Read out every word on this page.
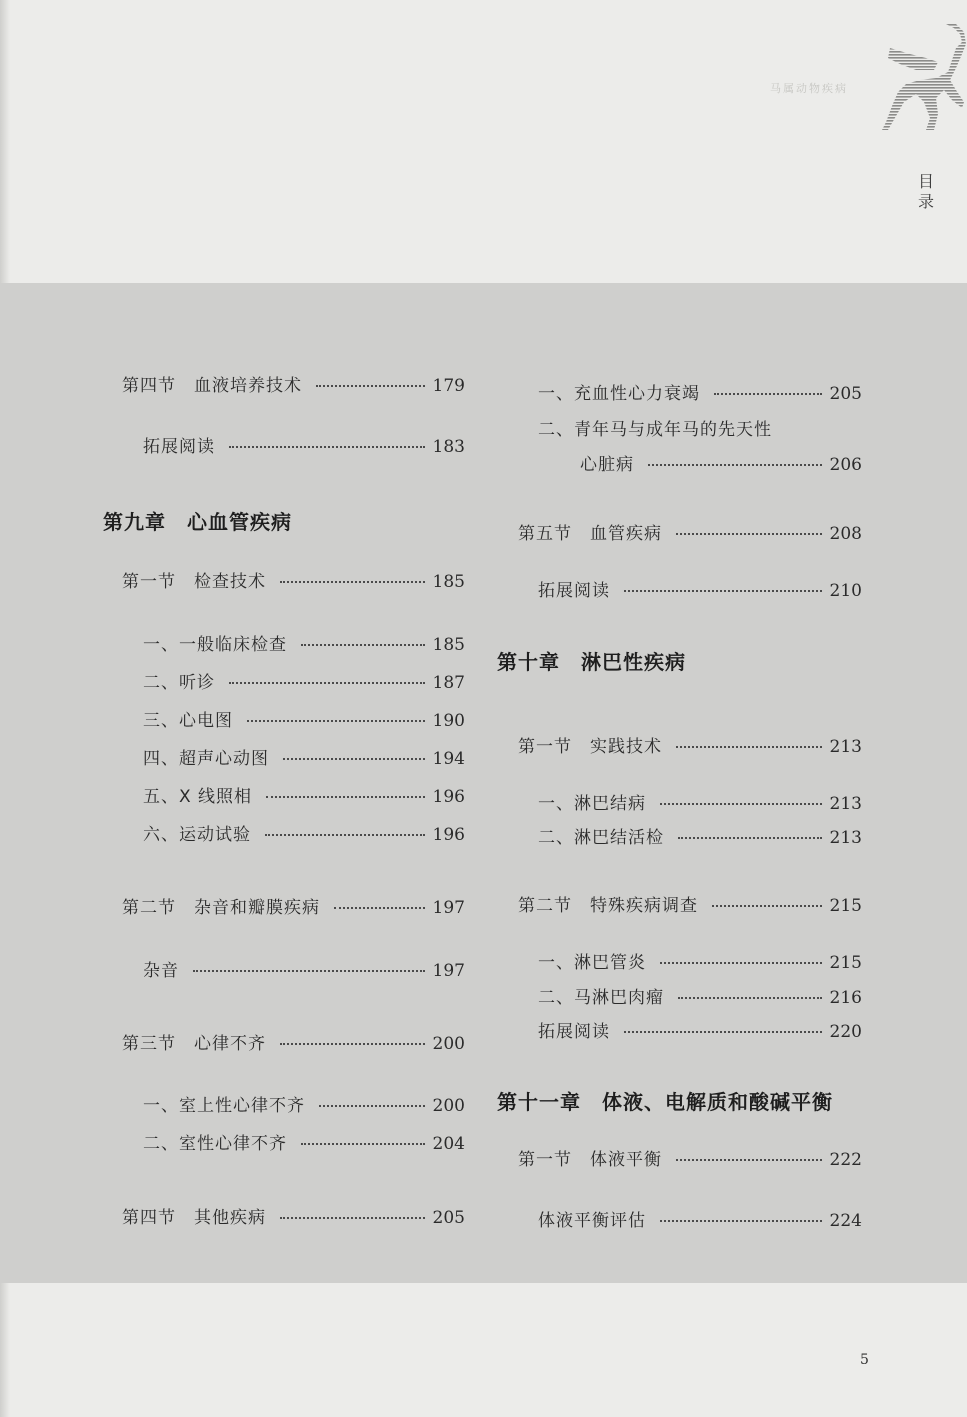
马属动物疾病
目录
第四节　血液培养技术	179
拓展阅读	183
第九章　心血管疾病
第一节　检查技术	185
一、一般临床检查	185
二、听诊	187
三、心电图	190
四、超声心动图	194
五、X 线照相	196
六、运动试验	196
第二节　杂音和瓣膜疾病	197
杂音	197
第三节　心律不齐	200
一、室上性心律不齐	200
二、室性心律不齐	204
第四节　其他疾病	205
一、充血性心力衰竭	205
二、青年马与成年马的先天性
心脏病	206
第五节　血管疾病	208
拓展阅读	210
第十章　淋巴性疾病
第一节　实践技术	213
一、淋巴结病	213
二、淋巴结活检	213
第二节　特殊疾病调查	215
一、淋巴管炎	215
二、马淋巴肉瘤	216
拓展阅读	220
第十一章　体液、电解质和酸碱平衡
第一节　体液平衡	222
体液平衡评估	224
5
